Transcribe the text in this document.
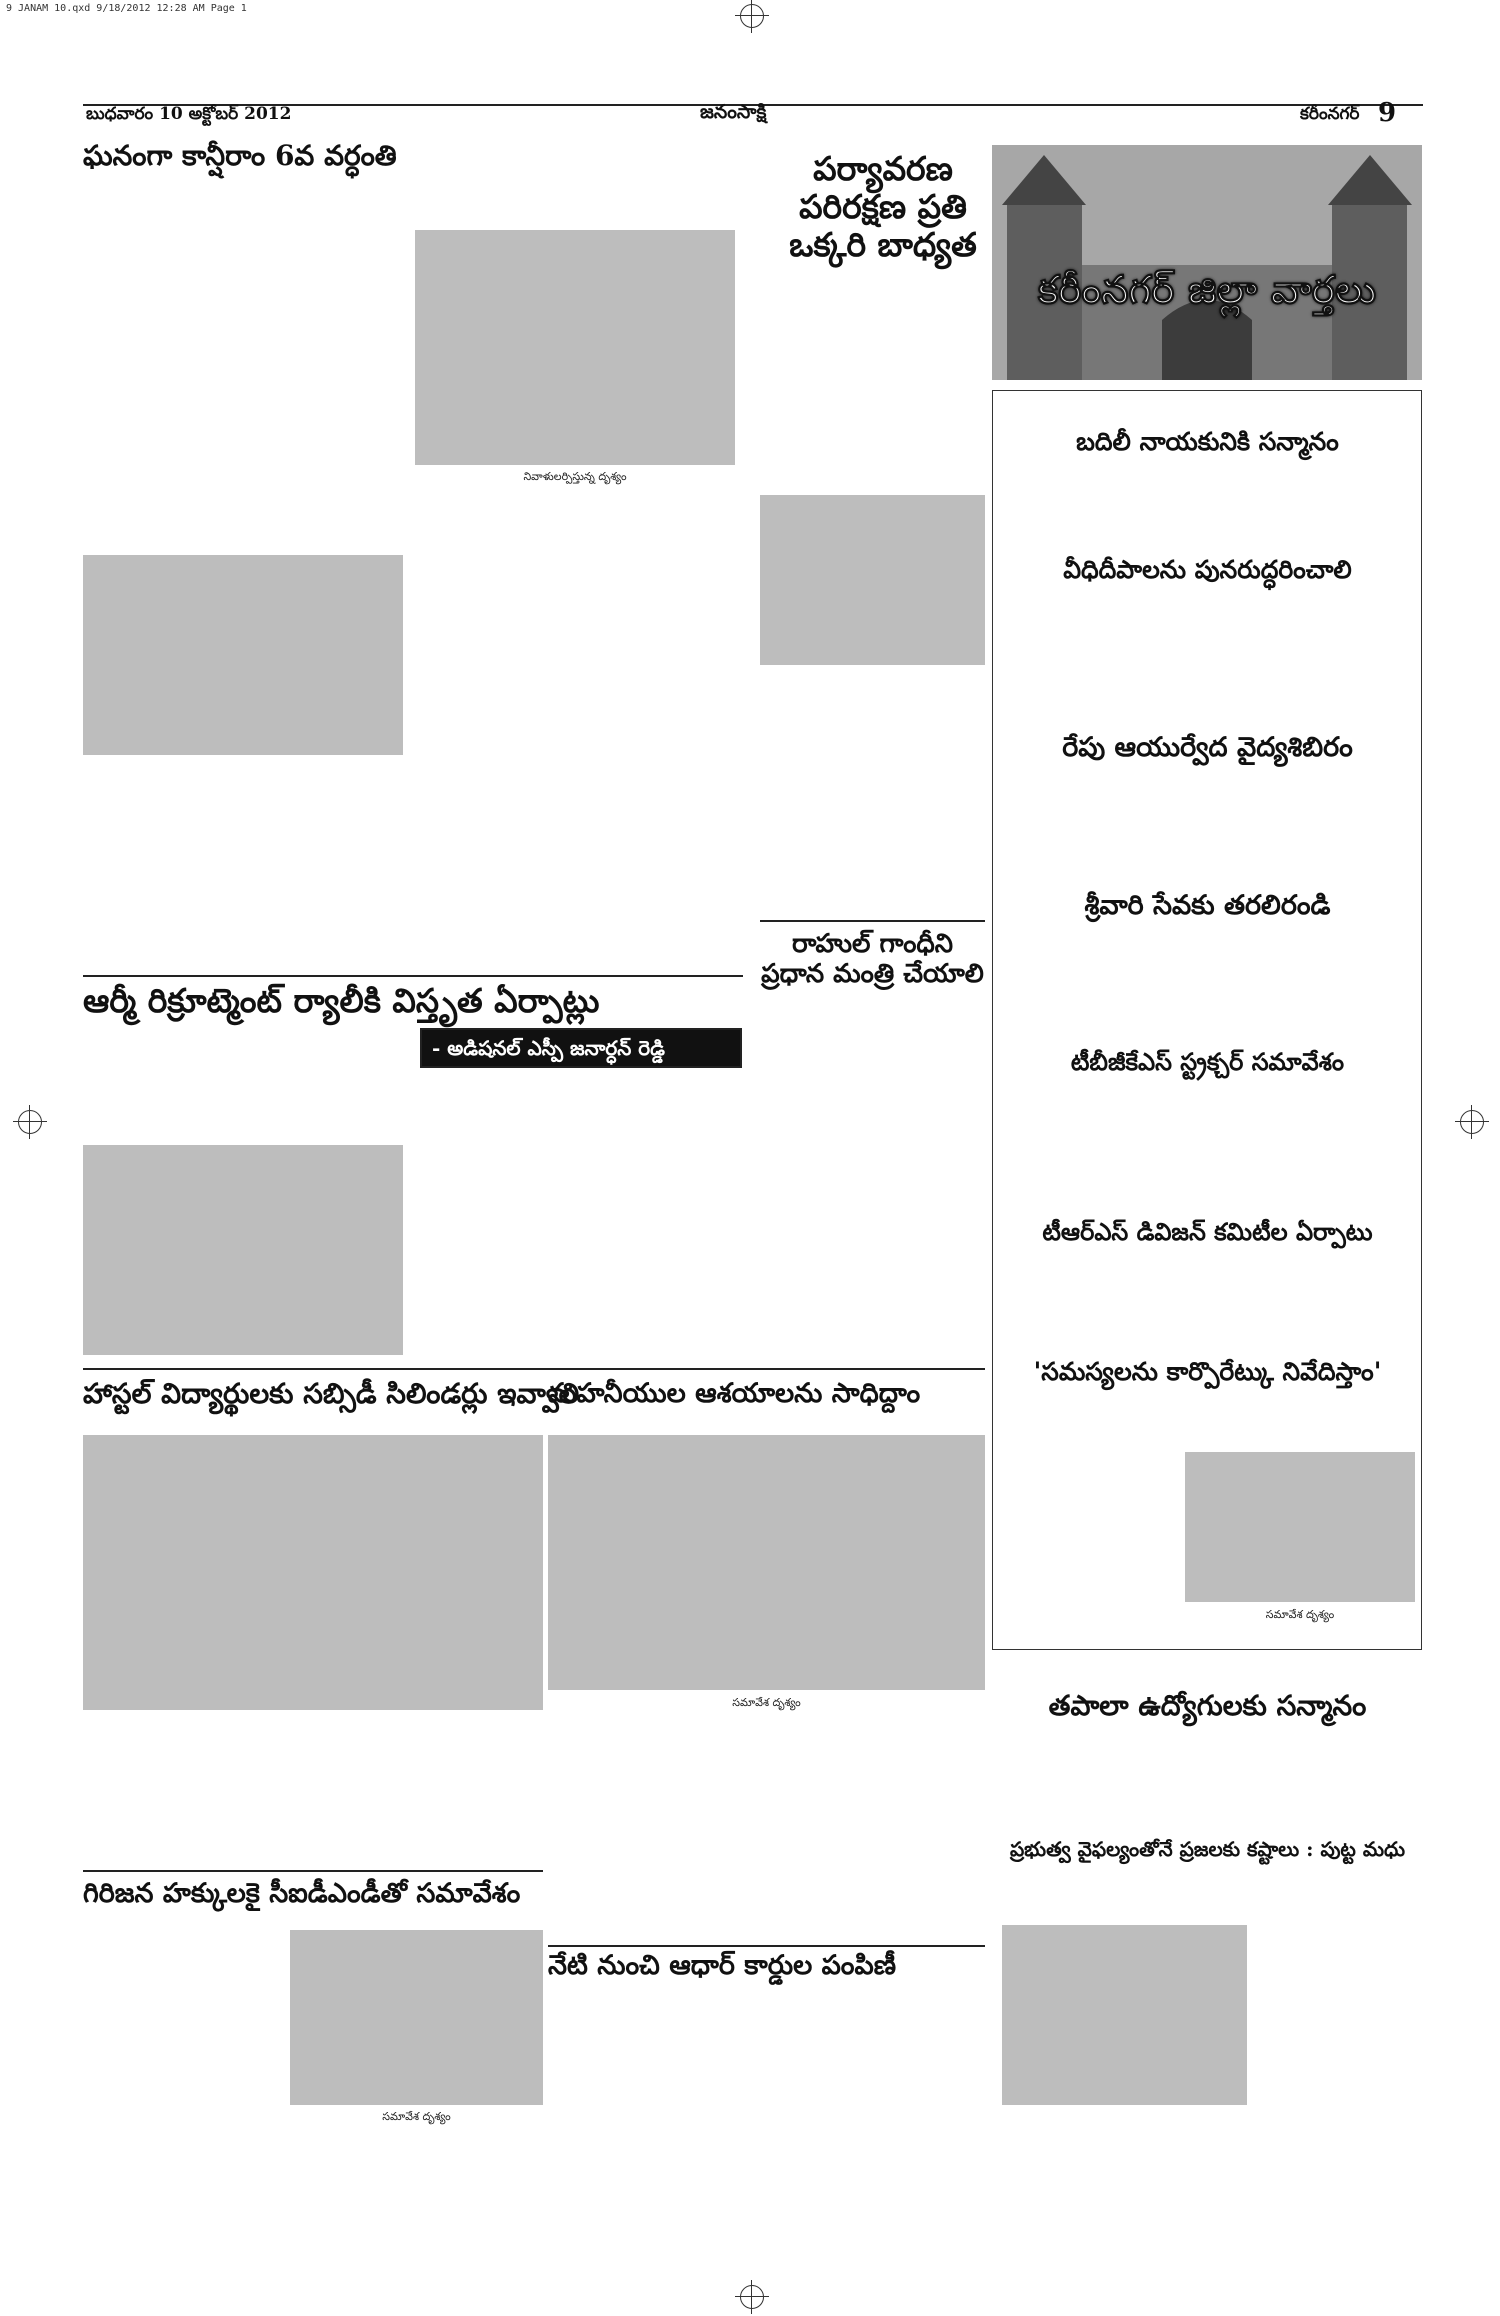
9 JANAM 10.qxd 9/18/2012 12:28 AM Page 1
బుధవారం 10 అక్టోబర్ 2012	జనంసాక్షి	కరీంనగర్ 9
ఘనంగా కాన్షీరాం 6వ వర్ధంతి
నివాళులర్పిస్తున్న దృశ్యం
ఆర్మీ రిక్రూట్మెంట్ ర్యాలీకి విస్తృత ఏర్పాట్లు
- అడిషనల్ ఎస్పీ జనార్ధన్ రెడ్డి
హాస్టల్ విద్యార్థులకు సబ్సిడీ సిలిండర్లు ఇవ్వాలి
గిరిజన హక్కులకై సీఐడీఎండీతో సమావేశం
సమావేశ దృశ్యం
పర్యావరణ పరిరక్షణ ప్రతి ఒక్కరి బాధ్యత
రాహుల్ గాంధీని ప్రధాన మంత్రి చేయాలి
మహనీయుల ఆశయాలను సాధిద్దాం
సమావేశ దృశ్యం
నేటి నుంచి ఆధార్ కార్డుల పంపిణీ
కరీంనగర్ జిల్లా వార్తలు
బదిలీ నాయకునికి సన్మానం
వీధిదీపాలను పునరుద్ధరించాలి
రేపు ఆయుర్వేద వైద్యశిబిరం
శ్రీవారి సేవకు తరలిరండి
టీబీజీకేఎస్ స్ట్రక్చర్ సమావేశం
టీఆర్ఎస్ డివిజన్ కమిటీల ఏర్పాటు
'సమస్యలను కార్పొరేట్కు నివేదిస్తాం'
సమావేశ దృశ్యం
తపాలా ఉద్యోగులకు సన్మానం
ప్రభుత్వ వైఫల్యంతోనే ప్రజలకు కష్టాలు : పుట్ట మధు
